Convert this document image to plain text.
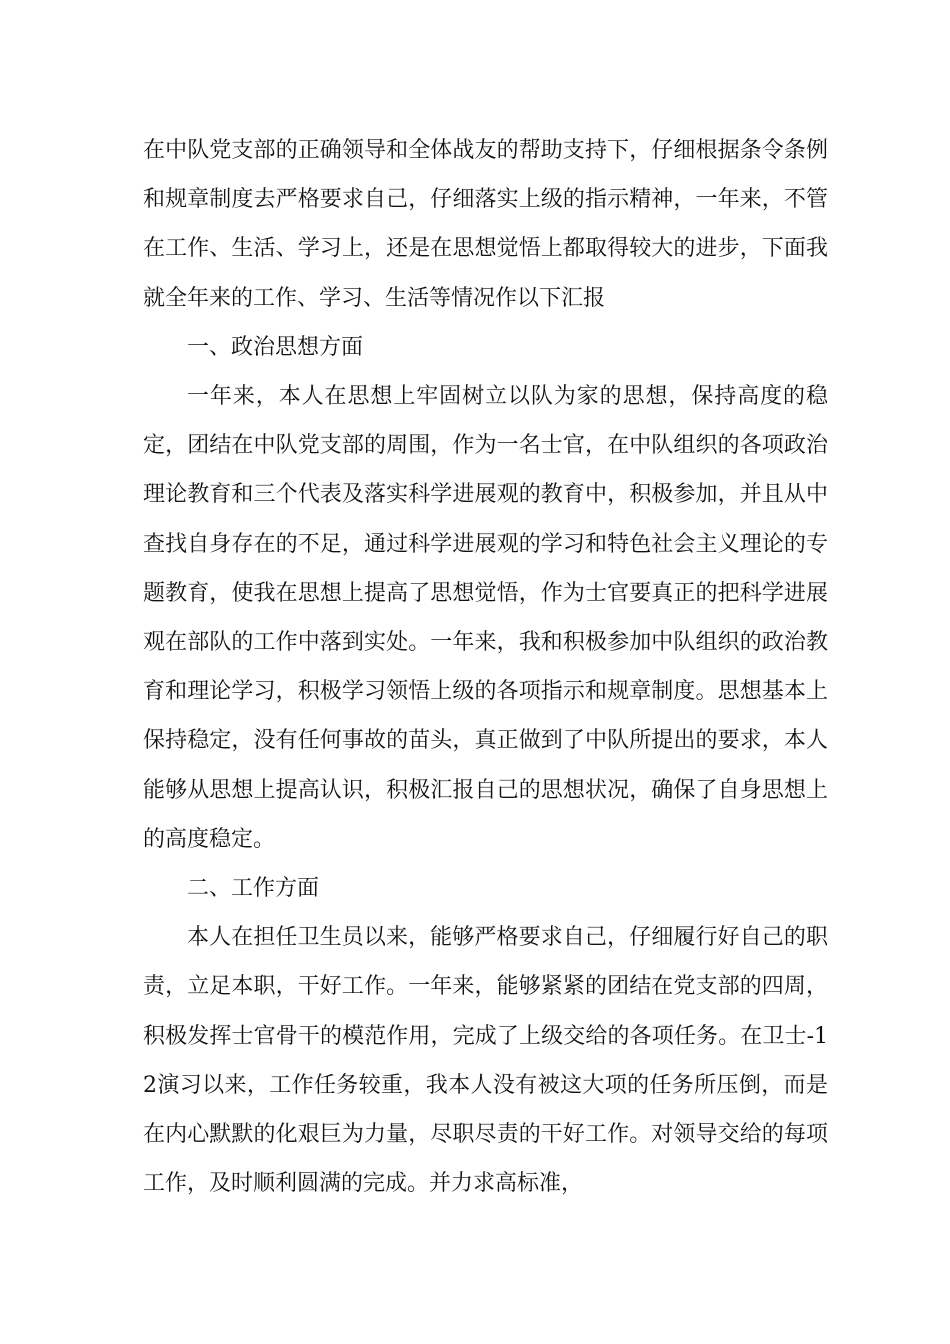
在中队党支部的正确领导和全体战友的帮助支持下，仔细根据条令条例和规章制度去严格要求自己，仔细落实上级的指示精神，一年来，不管在工作、生活、学习上，还是在思想觉悟上都取得较大的进步，下面我就全年来的工作、学习、生活等情况作以下汇报

一、政治思想方面

一年来，本人在思想上牢固树立以队为家的思想，保持高度的稳定，团结在中队党支部的周围，作为一名士官，在中队组织的各项政治理论教育和三个代表及落实科学进展观的教育中，积极参加，并且从中查找自身存在的不足，通过科学进展观的学习和特色社会主义理论的专题教育，使我在思想上提高了思想觉悟，作为士官要真正的把科学进展观在部队的工作中落到实处。一年来，我和积极参加中队组织的政治教育和理论学习，积极学习领悟上级的各项指示和规章制度。思想基本上保持稳定，没有任何事故的苗头，真正做到了中队所提出的要求，本人能够从思想上提高认识，积极汇报自己的思想状况，确保了自身思想上的高度稳定。

二、工作方面

本人在担任卫生员以来，能够严格要求自己，仔细履行好自己的职责，立足本职，干好工作。一年来，能够紧紧的团结在党支部的四周，积极发挥士官骨干的模范作用，完成了上级交给的各项任务。在卫士-12演习以来，工作任务较重，我本人没有被这大项的任务所压倒，而是在内心默默的化艰巨为力量，尽职尽责的干好工作。对领导交给的每项工作，及时顺利圆满的完成。并力求高标准，
